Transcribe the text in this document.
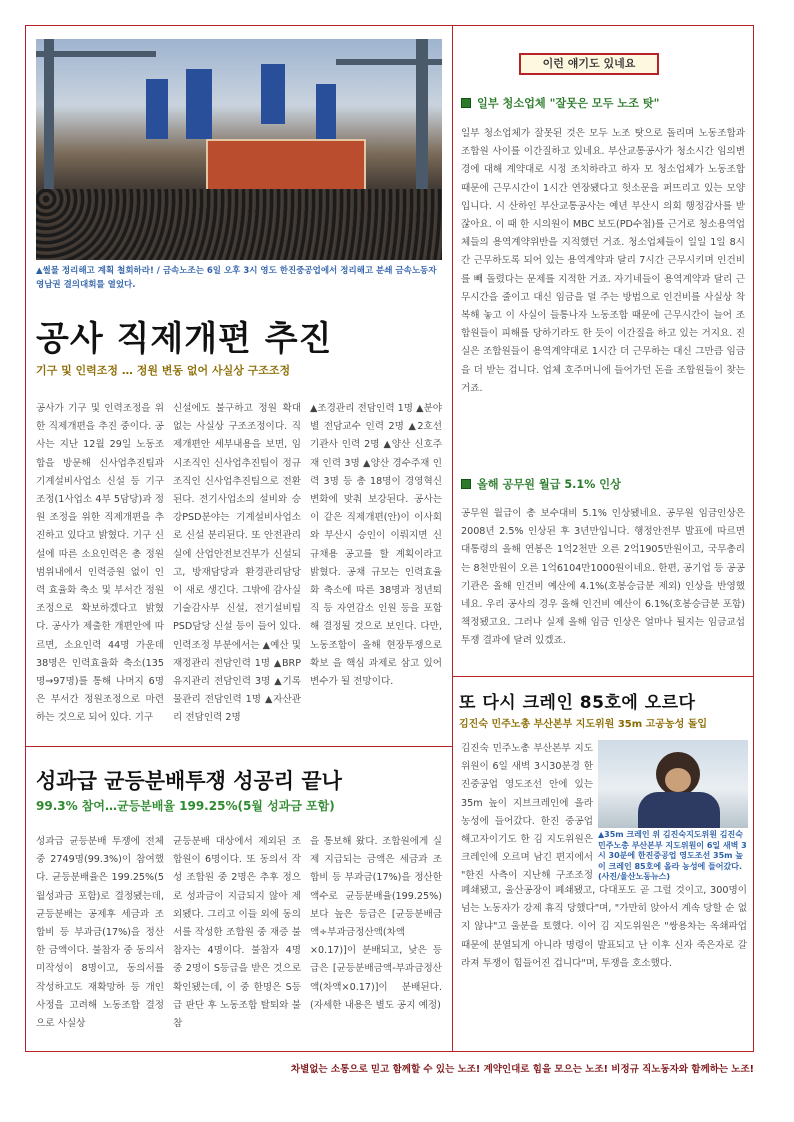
▲썰물 정리해고 계획 철회하라! / 금속노조는 6일 오후 3시 영도 한진중공업에서 정리해고 분쇄 금속노동자 영남권 결의대회를 열었다.
공사 직제개편 추진
기구 및 인력조정 … 정원 변동 없어 사실상 구조조정

공사가 기구 및 인력조정을 위한 직제개편을 추진 중이다. 공사는 지난 12월 29일 노동조합을 방문해 신사업추진팀과 기계설비사업소 신설 등 기구조정(1사업소 4부 5담당)과 정원 조정을 위한 직제개편을 추진하고 있다고 밝혔다. 기구 신설에 따른 소요인력은 총 정원 범위내에서 인력증원 없이 인력 효율화 축소 및 부서간 정원조정으로 확보하겠다고 밝혔다. 공사가 제출한 개편안에 따르면, 소요인력 44명 가운데 38명은 인력효율화 축소(135명→97명)를 통해 나머지 6명은 부서간 정원조정으로 마련하는 것으로 되어 있다. 기구

신설에도 불구하고 정원 확대 없는 사실상 구조조정이다. 직제개편안 세부내용을 보면, 임시조직인 신사업추진팀이 정규조직인 신사업추진팀으로 전환된다. 전기사업소의 설비와 승강PSD분야는 기계설비사업소로 신설 분리된다. 또 안전관리실에 산업안전보건부가 신설되고, 방재담당과 환경관리담당이 새로 생긴다. 그밖에 감사실 기술감사부 신설, 전기설비팀 PSD담당 신설 등이 들어 있다. 인력조정 부분에서는 ▲예산 및 재정관리 전담인력 1명 ▲BRP 유지관리 전담인력 3명 ▲기록물관리 전담인력 1명 ▲자산관리 전담인력 2명

▲조경관리 전담인력 1명 ▲분야별 전담교수 인력 2명 ▲2호선 기관사 인력 2명 ▲양산 신호주재 인력 3명 ▲양산 경수주재 인력 3명 등 총 18명이 경영혁신 변화에 맞춰 보강된다. 공사는 이 같은 직제개편(안)이 이사회와 부산시 승인이 이뤄지면 신규채용 공고를 할 계획이라고 밝혔다. 공채 규모는 인력효율화 축소에 따른 38명과 정년퇴직 등 자연감소 인원 등을 포함해 결정될 것으로 보인다. 다만, 노동조합이 올해 현장투쟁으로 확보 을 핵심 과제로 삼고 있어 변수가 될 전망이다.

성과급 균등분배투쟁 성공리 끝나
99.3% 참여…균등분배율 199.25%(5월 성과금 포함)

성과급 균등분배 투쟁에 전체 중 2749명(99.3%)이 참여했다. 균등분배율은 199.25%(5월성과금 포함)로 결정됐는데, 균등분배는 공제후 세금과 조합비 등 부과금(17%)을 정산한 금액이다. 불참자 중 동의서 미작성이 8명이고, 동의서를 작성하고도 재확망하 등 개인사정을 고려해 노동조합 결정으로 사실상

균등분배 대상에서 제외된 조합원이 6명이다. 또 동의서 작성 조합원 중 2명은 추후 정으로 성과금이 지급되지 않아 제외됐다. 그리고 이들 외에 동의서를 작성한 조합원 중 재증 불참자는 4명이다. 불참자 4명 중 2명이 S등급을 받은 것으로 확인됐는데, 이 중 한명은 S등급 판단 후 노동조합 탈퇴와 불참

을 통보해 왔다. 조합원에게 실제 지급되는 금액은 세금과 조합비 등 부과금(17%)을 정산한 액수로 균등분배율(199.25%)보다 높은 등급은 [균등분배금액÷부과금정산액(차액×0.17)]이 분배되고, 낮은 등급은 [균등분배금액-부과금정산액(차액×0.17)]이 분배된다. (자세한 내용은 별도 공지 예정)

이런 얘기도 있네요
일부 청소업체 "잘못은 모두 노조 탓"

일부 청소업체가 잘못된 것은 모두 노조 탓으로 돌리며 노동조합과 조합원 사이를 이간질하고 있네요. 부산교통공사가 청소시간 임의변경에 대해 계약대로 시정 조치하라고 하자 모 청소업체가 노동조합 때문에 근무시간이 1시간 연장됐다고 헛소문을 퍼뜨리고 있는 모양입니다. 시 산하인 부산교통공사는 예년 부산시 의회 행정감사를 받잖아요. 이 때 한 시의원이 MBC 보도(PD수첩)를 근거로 청소용역업체들의 용역계약위반을 지적했던 거죠. 청소업체들이 일일 1일 8시간 근무하도록 되어 있는 용역계약과 달리 7시간 근무시키며 인건비를 빼 돌렸다는 문제를 지적한 거죠. 자기네들이 용역계약과 달리 근무시간을 줄이고 대신 임금을 덜 주는 방법으로 인건비를 사실상 착복해 놓고 이 사실이 들통나자 노동조합 때문에 근무시간이 늘어 조합원들이 피해를 당하기라도 한 듯이 이간질을 하고 있는 거지요. 진실은 조합원들이 용역계약대로 1시간 더 근무하는 대신 그만큼 임금을 더 받는 겁니다. 업체 호주머니에 들어가던 돈을 조합원들이 찾는 거죠.

올해 공무원 월급 5.1% 인상

공무원 월급이 총 보수대비 5.1% 인상됐네요. 공무원 임금인상은 2008년 2.5% 인상된 후 3년만입니다. 행정안전부 발표에 따르면 대통령의 올해 연봉은 1억2천만 오른 2억1905만원이고, 국무총리는 8천만원이 오른 1억6104만1000원이네요. 한편, 공기업 등 공공기관은 올해 인건비 예산에 4.1%(호봉승급분 제외) 인상을 반영했네요. 우리 공사의 경우 올해 인건비 예산이 6.1%(호봉승급분 포함) 책정됐고요. 그러나 실제 올해 임금 인상은 얼마나 될지는 임금교섭투쟁 결과에 달려 있겠죠.

또 다시 크레인 85호에 오르다
김진숙 민주노총 부산본부 지도위원 35m 고공농성 돌입

김진숙 민주노총 부산본부 지도위원이 6일 새벽 3시30분경 한진중공업 영도조선 안에 있는 35m 높이 지브크레인에 올라 농성에 들어갔다. 한진 중공업 해고자이기도 한 김 지도위원은 크레인에 오르며 남긴 편지에서 "한진 사측이 지난해 구조조정

▲35m 크레인 위 김진숙지도위원 김진숙 민주노총 부산본부 지도위원이 6일 새벽 3시 30분에 한진중공업 영도조선 35m 높이 크레인 85호에 올라 농성에 들어갔다. (사진/울산노동뉴스)

폐쇄됐고, 울산공장이 폐쇄됐고, 다대포도 곧 그럴 것이고, 300명이 넘는 노동자가 강제 휴직 당했다"며, "가만히 앉아서 계속 당할 순 없지 않냐"고 울분을 토했다. 이어 김 지도위원은 "쌍용차는 옥쇄파업 때문에 분열되게 아니라 명령이 발표되고 난 이후 신자 죽은자로 갈라져 투쟁이 힘들어진 겁니다"며, 투쟁을 호소했다.

차별없는 소통으로 믿고 함께할 수 있는 노조! 계약인대로 힘을 모으는 노조! 비정규 직노동자와 함께하는 노조!
